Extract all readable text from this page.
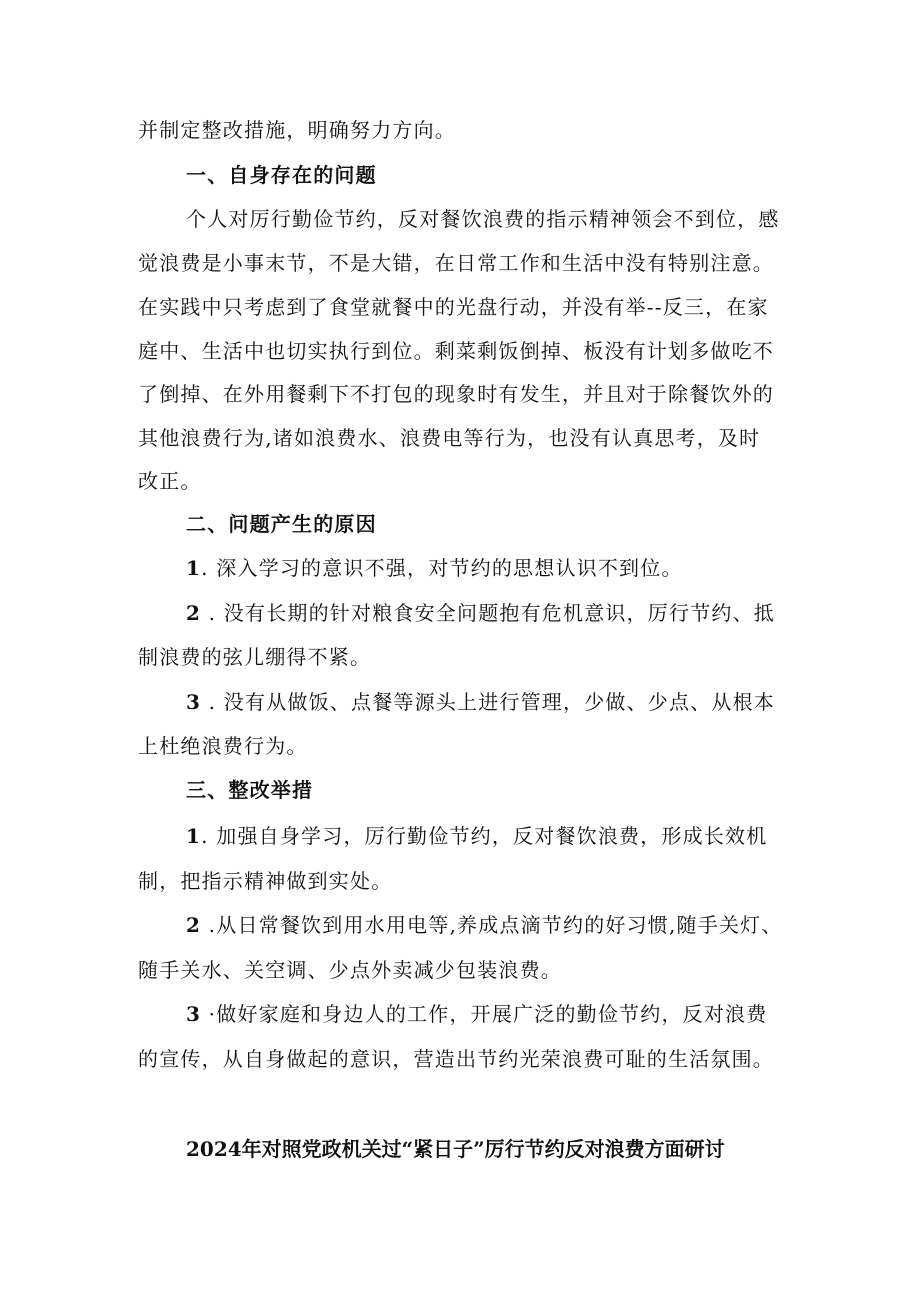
并制定整改措施，明确努力方向。
一、自身存在的问题
个人对厉行勤俭节约，反对餐饮浪费的指示精神领会不到位，感
觉浪费是小事末节，不是大错，在日常工作和生活中没有特别注意。
在实践中只考虑到了食堂就餐中的光盘行动，并没有举--反三，在家
庭中、生活中也切实执行到位。剩菜剩饭倒掉、板没有计划多做吃不
了倒掉、在外用餐剩下不打包的现象时有发生，并且对于除餐饮外的
其他浪费行为,诸如浪费水、浪费电等行为，也没有认真思考，及时
改正。
二、问题产生的原因
1. 深入学习的意识不强，对节约的思想认识不到位。
2 . 没有长期的针对粮食安全问题抱有危机意识，厉行节约、抵
制浪费的弦儿绷得不紧。
3 . 没有从做饭、点餐等源头上进行管理，少做、少点、从根本
上杜绝浪费行为。
三、整改举措
1. 加强自身学习，厉行勤俭节约，反对餐饮浪费，形成长效机
制，把指示精神做到实处。
2 .从日常餐饮到用水用电等,养成点滴节约的好习惯,随手关灯、
随手关水、关空调、少点外卖减少包装浪费。
3 ·做好家庭和身边人的工作，开展广泛的勤俭节约，反对浪费
的宣传，从自身做起的意识，营造出节约光荣浪费可耻的生活氛围。
2024年对照党政机关过“紧日子”厉行节约反对浪费方面研讨
